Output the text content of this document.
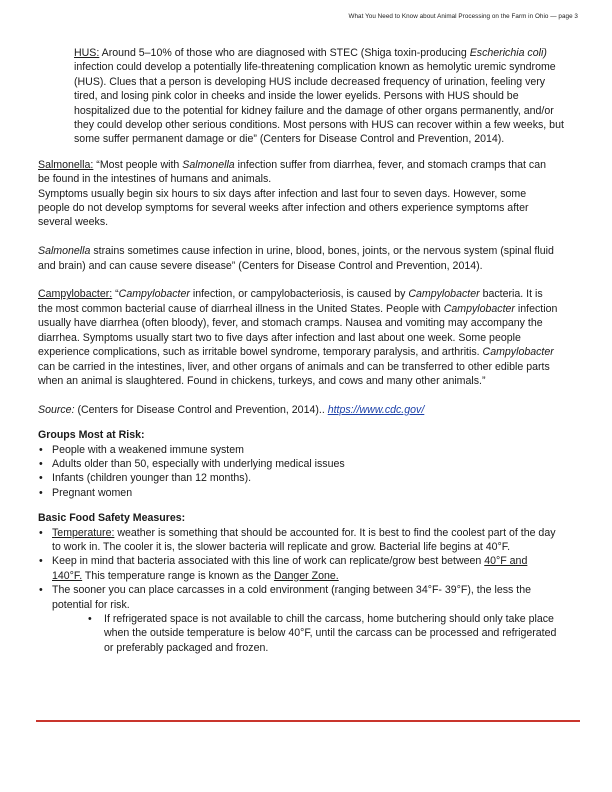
What You Need to Know about Animal Processing on the Farm in Ohio — page 3

HUS: Around 5–10% of those who are diagnosed with STEC (Shiga toxin-producing Escherichia coli) infection could develop a potentially life-threatening complication known as hemolytic uremic syndrome (HUS). Clues that a person is developing HUS include decreased frequency of urination, feeling very tired, and losing pink color in cheeks and inside the lower eyelids. Persons with HUS should be hospitalized due to the potential for kidney failure and the damage of other organs permanently, and/or they could develop other serious conditions. Most persons with HUS can recover within a few weeks, but some suffer permanent damage or die” (Centers for Disease Control and Prevention, 2014).

Salmonella: “Most people with Salmonella infection suffer from diarrhea, fever, and stomach cramps that can be found in the intestines of humans and animals.

Symptoms usually begin six hours to six days after infection and last four to seven days. However, some people do not develop symptoms for several weeks after infection and others experience symptoms after several weeks.

Salmonella strains sometimes cause infection in urine, blood, bones, joints, or the nervous system (spinal fluid and brain) and can cause severe disease” (Centers for Disease Control and Prevention, 2014).

Campylobacter: “Campylobacter infection, or campylobacteriosis, is caused by Campylobacter bacteria. It is the most common bacterial cause of diarrheal illness in the United States. People with Campylobacter infection usually have diarrhea (often bloody), fever, and stomach cramps. Nausea and vomiting may accompany the diarrhea. Symptoms usually start two to five days after infection and last about one week. Some people experience complications, such as irritable bowel syndrome, temporary paralysis, and arthritis. Campylobacter can be carried in the intestines, liver, and other organs of animals and can be transferred to other edible parts when an animal is slaughtered. Found in chickens, turkeys, and cows and many other animals.”

Source: (Centers for Disease Control and Prevention, 2014).. https://www.cdc.gov/

Groups Most at Risk:

• People with a weakened immune system
• Adults older than 50, especially with underlying medical issues
• Infants (children younger than 12 months).
• Pregnant women

Basic Food Safety Measures:

• Temperature: weather is something that should be accounted for. It is best to find the coolest part of the day to work in. The cooler it is, the slower bacteria will replicate and grow. Bacterial life begins at 40°F.
• Keep in mind that bacteria associated with this line of work can replicate/grow best between 40°F and 140°F. This temperature range is known as the Danger Zone.
• The sooner you can place carcasses in a cold environment (ranging between 34°F- 39°F), the less the potential for risk.
• If refrigerated space is not available to chill the carcass, home butchering should only take place when the outside temperature is below 40°F, until the carcass can be processed and refrigerated or preferably packaged and frozen.
